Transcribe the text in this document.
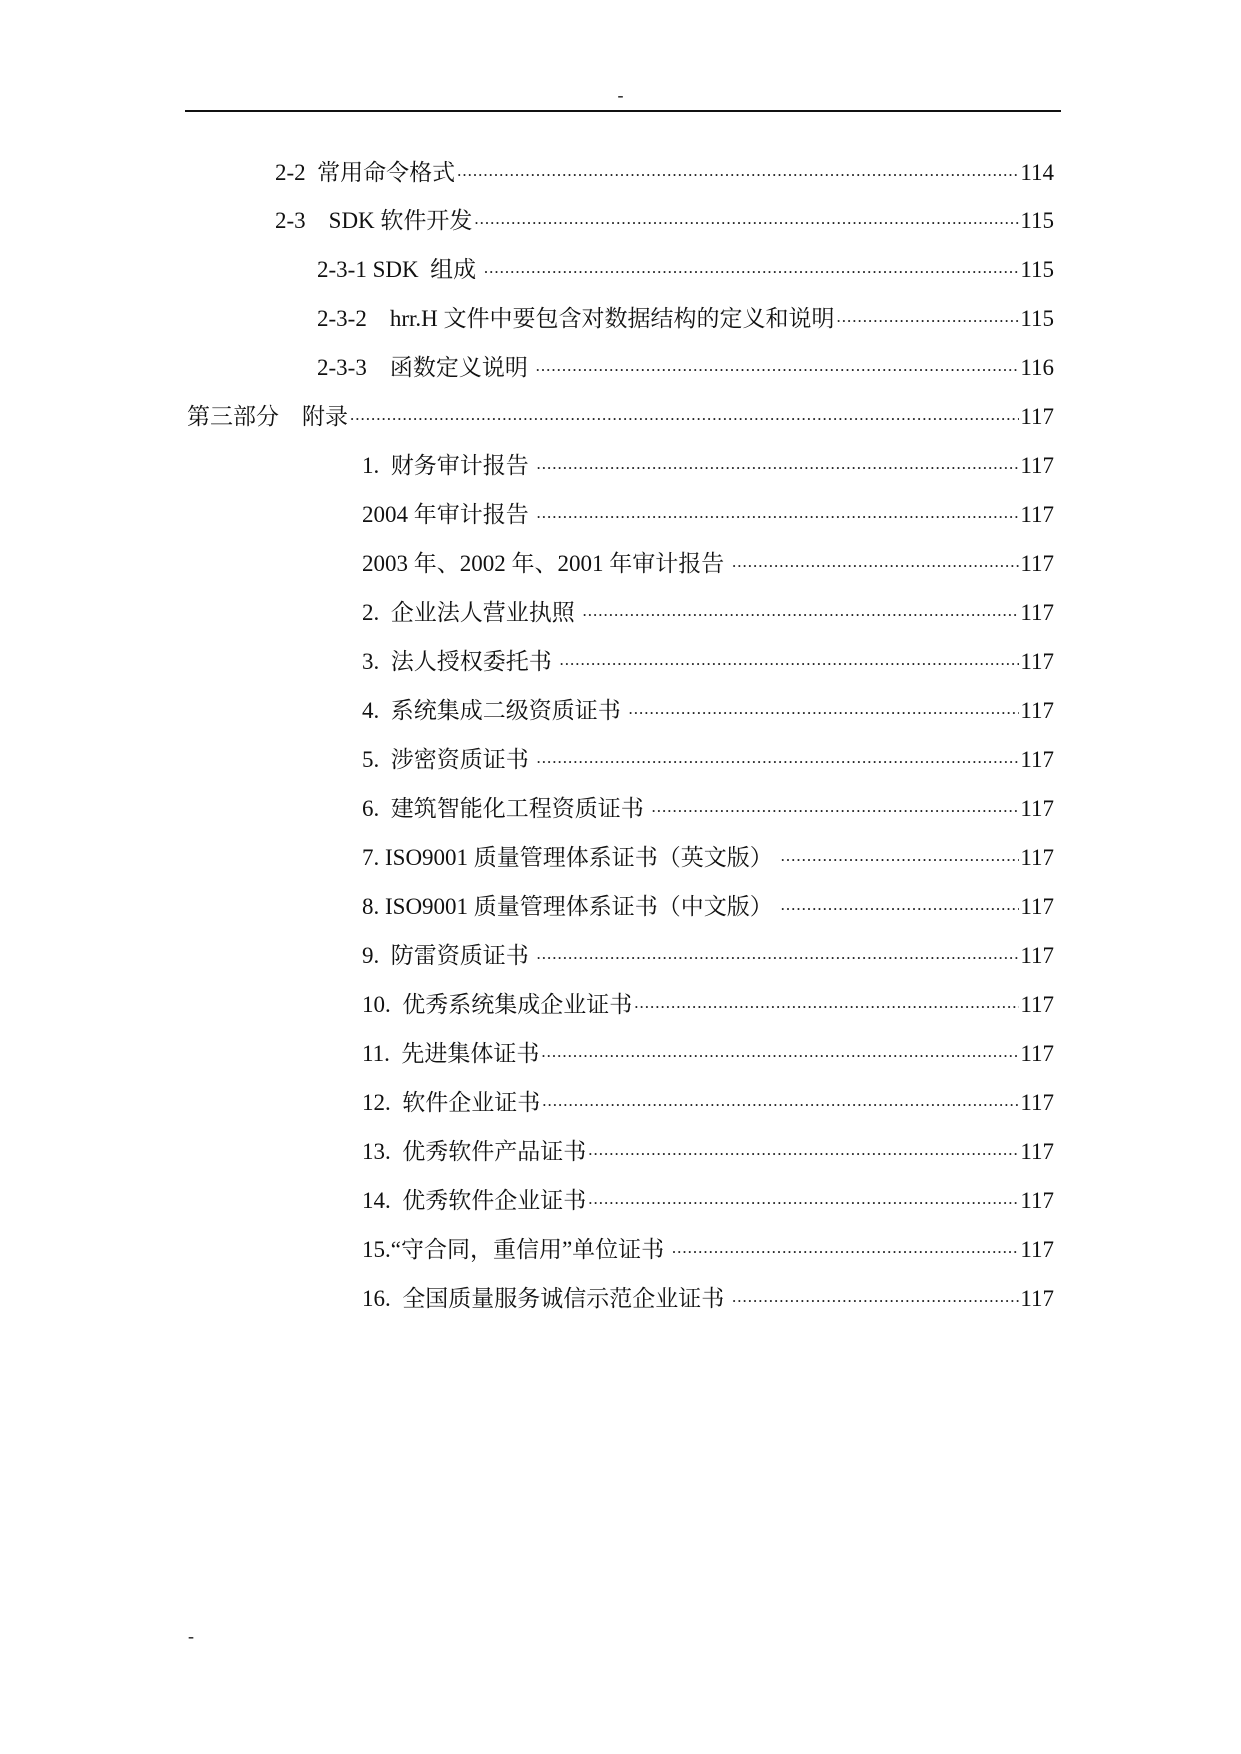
-
2-2  常用命令格式 .....	114
2-3    SDK 软件开发 .....	115
2-3-1 SDK  组成 .....	115
2-3-2    hrr.H 文件中要包含对数据结构的定义和说明 .....	115
2-3-3    函数定义说明 .....	116
第三部分    附录 .....	117
1.  财务审计报告 .....	117
2004 年审计报告 .....	117
2003 年、2002 年、2001 年审计报告 .....	117
2.  企业法人营业执照 .....	117
3.  法人授权委托书 .....	117
4.  系统集成二级资质证书 .....	117
5.  涉密资质证书 .....	117
6.  建筑智能化工程资质证书 .....	117
7. ISO9001 质量管理体系证书（英文版） .....	117
8. ISO9001 质量管理体系证书（中文版） .....	117
9.  防雷资质证书 .....	117
10.  优秀系统集成企业证书 .....	117
11.  先进集体证书 .....	117
12.  软件企业证书 .....	117
13.  优秀软件产品证书 .....	117
14.  优秀软件企业证书 .....	117
15.“守合同，重信用”单位证书 .....	117
16.  全国质量服务诚信示范企业证书 .....	117
-
